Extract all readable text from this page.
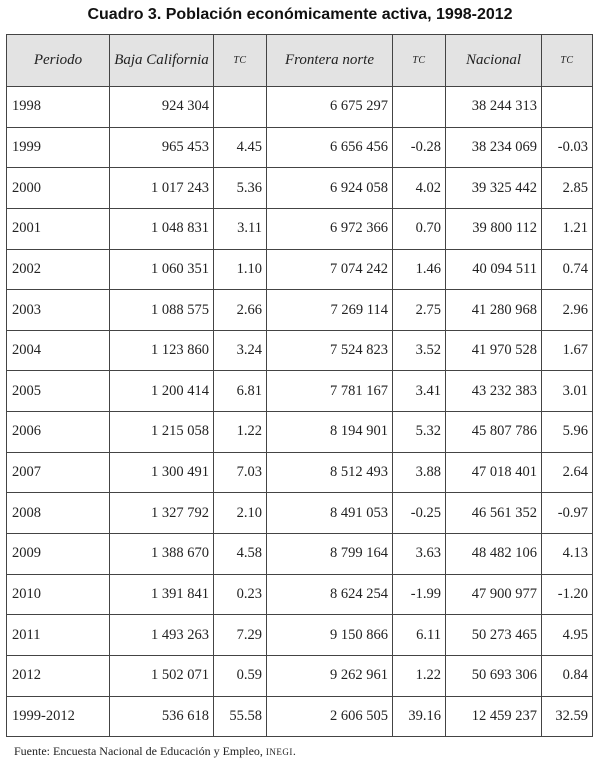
Cuadro 3. Población económicamente activa, 1998-2012
Periodo	Baja California	TC	Frontera norte	TC	Nacional	TC
1998	924 304		6 675 297		38 244 313	
1999	965 453	4.45	6 656 456	-0.28	38 234 069	-0.03
2000	1 017 243	5.36	6 924 058	4.02	39 325 442	2.85
2001	1 048 831	3.11	6 972 366	0.70	39 800 112	1.21
2002	1 060 351	1.10	7 074 242	1.46	40 094 511	0.74
2003	1 088 575	2.66	7 269 114	2.75	41 280 968	2.96
2004	1 123 860	3.24	7 524 823	3.52	41 970 528	1.67
2005	1 200 414	6.81	7 781 167	3.41	43 232 383	3.01
2006	1 215 058	1.22	8 194 901	5.32	45 807 786	5.96
2007	1 300 491	7.03	8 512 493	3.88	47 018 401	2.64
2008	1 327 792	2.10	8 491 053	-0.25	46 561 352	-0.97
2009	1 388 670	4.58	8 799 164	3.63	48 482 106	4.13
2010	1 391 841	0.23	8 624 254	-1.99	47 900 977	-1.20
2011	1 493 263	7.29	9 150 866	6.11	50 273 465	4.95
2012	1 502 071	0.59	9 262 961	1.22	50 693 306	0.84
1999-2012	536 618	55.58	2 606 505	39.16	12 459 237	32.59
Fuente: Encuesta Nacional de Educación y Empleo, INEGI.
